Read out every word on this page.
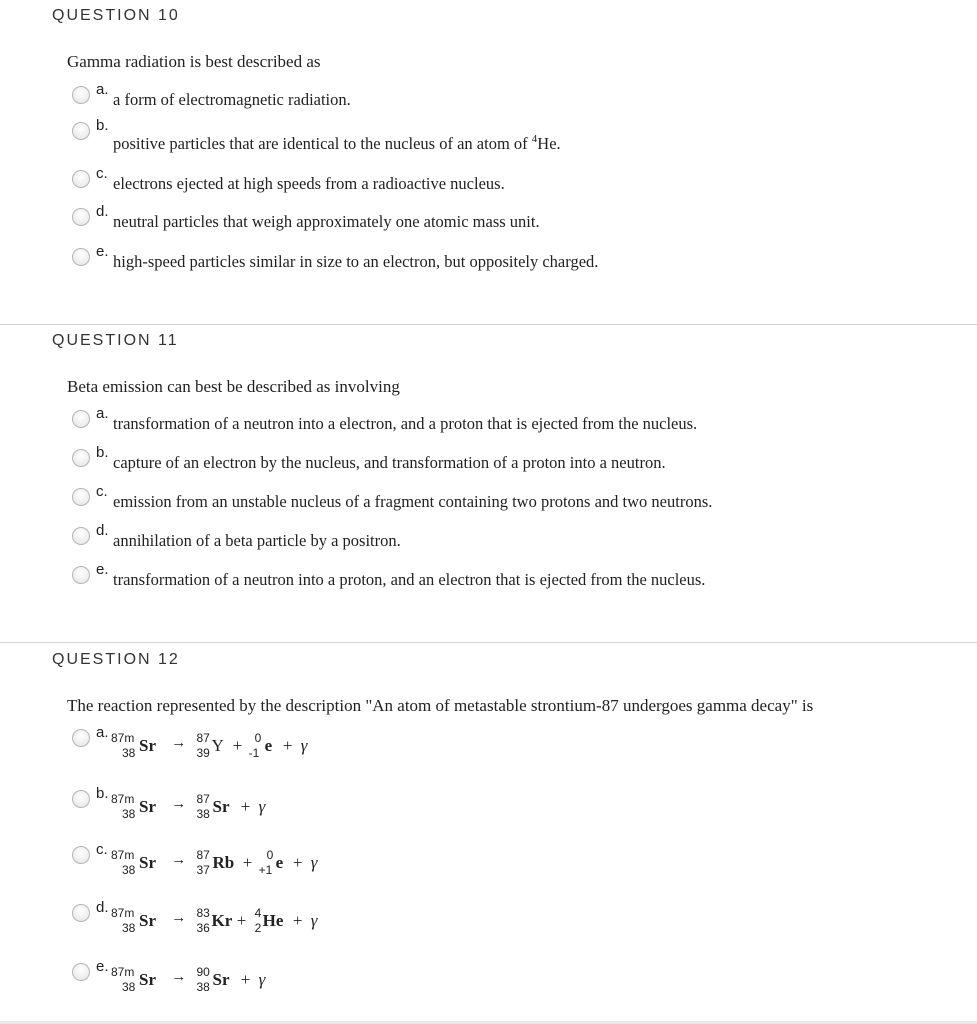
QUESTION 10
Gamma radiation is best described as
a.
a form of electromagnetic radiation.
b.
positive particles that are identical to the nucleus of an atom of $^4$He.
c.
electrons ejected at high speeds from a radioactive nucleus.
d.
neutral particles that weigh approximately one atomic mass unit.
e.
high-speed particles similar in size to an electron, but oppositely charged.
QUESTION 11
Beta emission can best be described as involving
a.
transformation of a neutron into a electron, and a proton that is ejected from the nucleus.
b.
capture of an electron by the nucleus, and transformation of a proton into a neutron.
c.
emission from an unstable nucleus of a fragment containing two protons and two neutrons.
d.
annihilation of a beta particle by a positron.
e.
transformation of a neutron into a proton, and an electron that is ejected from the nucleus.
QUESTION 12
The reaction represented by the description "An atom of metastable strontium-87 undergoes gamma decay" is
a. 87m
38 Sr → 87
39 Y + 0
-1 e + γ
b. 87m
38 Sr → 87
38 Sr + γ
c. 87m
38 Sr → 87
37 Rb + 0
+1 e + γ
d. 87m
38 Sr → 83
36 Kr + 4
2 He + γ
e. 87m
38 Sr → 90
38 Sr + γ
